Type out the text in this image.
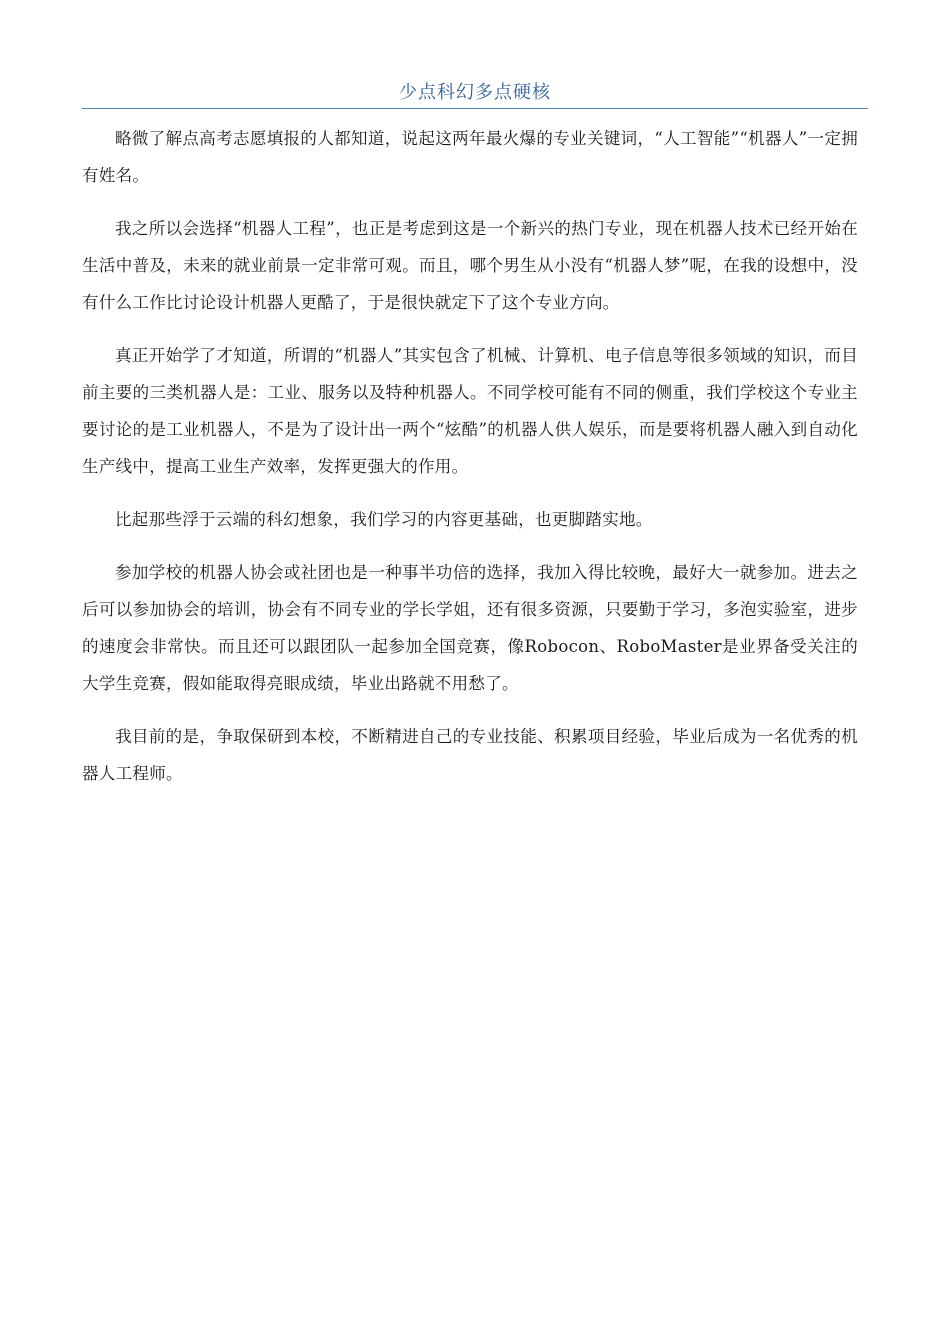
少点科幻多点硬核

略微了解点高考志愿填报的人都知道，说起这两年最火爆的专业关键词，“人工智能”“机器人”一定拥有姓名。

我之所以会选择“机器人工程”，也正是考虑到这是一个新兴的热门专业，现在机器人技术已经开始在生活中普及，未来的就业前景一定非常可观。而且，哪个男生从小没有“机器人梦”呢，在我的设想中，没有什么工作比讨论设计机器人更酷了，于是很快就定下了这个专业方向。

真正开始学了才知道，所谓的“机器人”其实包含了机械、计算机、电子信息等很多领域的知识，而目前主要的三类机器人是：工业、服务以及特种机器人。不同学校可能有不同的侧重，我们学校这个专业主要讨论的是工业机器人，不是为了设计出一两个“炫酷”的机器人供人娱乐，而是要将机器人融入到自动化生产线中，提高工业生产效率，发挥更强大的作用。

比起那些浮于云端的科幻想象，我们学习的内容更基础，也更脚踏实地。

参加学校的机器人协会或社团也是一种事半功倍的选择，我加入得比较晚，最好大一就参加。进去之后可以参加协会的培训，协会有不同专业的学长学姐，还有很多资源，只要勤于学习，多泡实验室，进步的速度会非常快。而且还可以跟团队一起参加全国竞赛，像Robocon、RoboMaster是业界备受关注的大学生竞赛，假如能取得亮眼成绩，毕业出路就不用愁了。

我目前的是，争取保研到本校，不断精进自己的专业技能、积累项目经验，毕业后成为一名优秀的机器人工程师。
